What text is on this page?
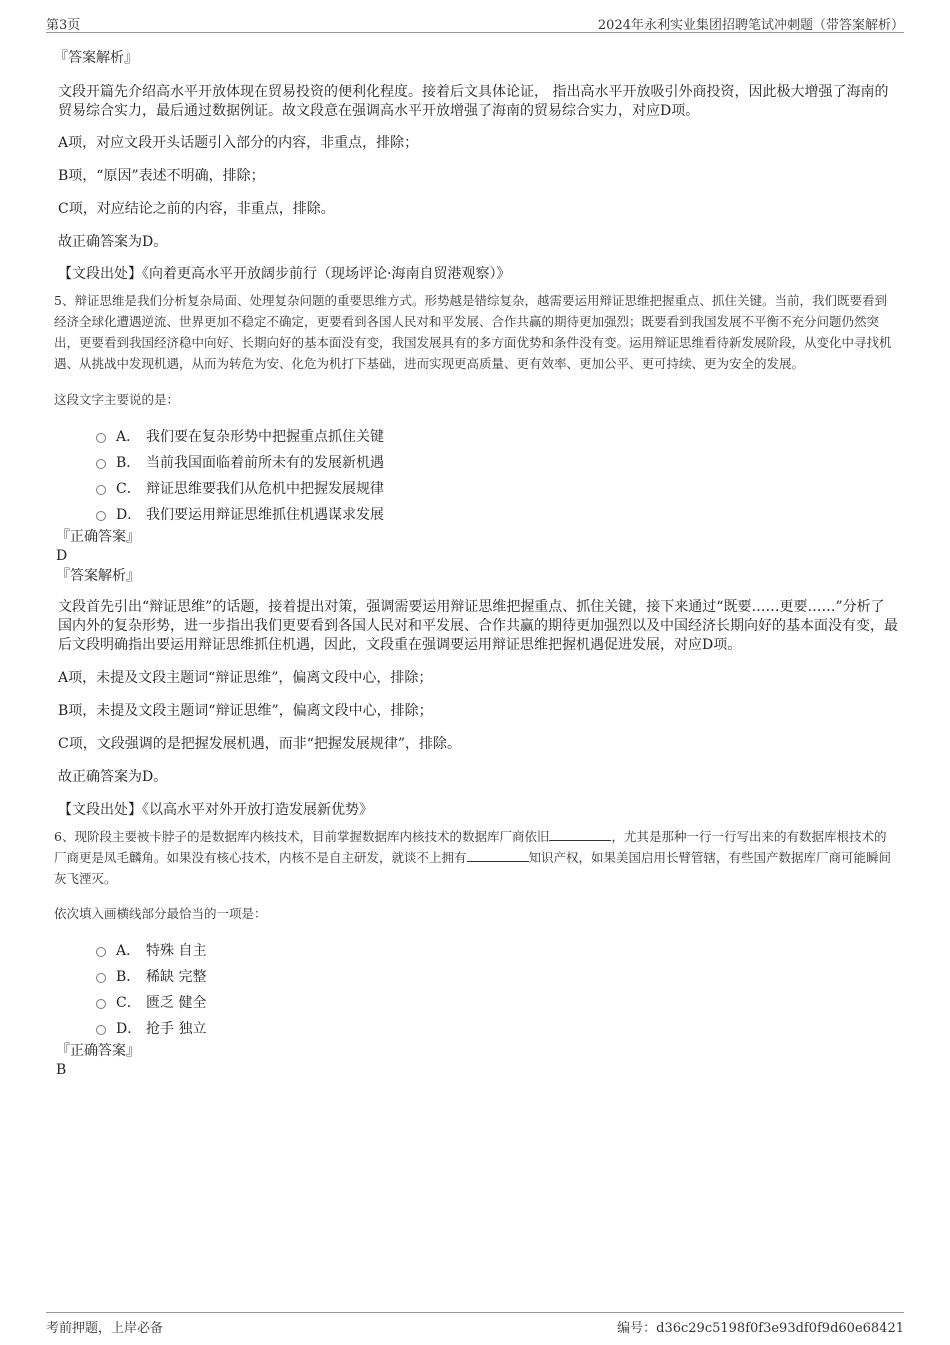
第3页	2024年永利实业集团招聘笔试冲刺题（带答案解析）

『答案解析』

文段开篇先介绍高水平开放体现在贸易投资的便利化程度。接着后文具体论证， 指出高水平开放吸引外商投资，因此极大增强了海南的贸易综合实力，最后通过数据例证。故文段意在强调高水平开放增强了海南的贸易综合实力，对应D项。

A项，对应文段开头话题引入部分的内容，非重点，排除；

B项，“原因”表述不明确，排除；

C项，对应结论之前的内容，非重点，排除。

故正确答案为D。

【文段出处】《向着更高水平开放阔步前行（现场评论·海南自贸港观察）》

5、辩证思维是我们分析复杂局面、处理复杂问题的重要思维方式。形势越是错综复杂，越需要运用辩证思维把握重点、抓住关键。当前，我们既要看到经济全球化遭遇逆流、世界更加不稳定不确定，更要看到各国人民对和平发展、合作共赢的期待更加强烈；既要看到我国发展不平衡不充分问题仍然突出，更要看到我国经济稳中向好、长期向好的基本面没有变，我国发展具有的多方面优势和条件没有变。运用辩证思维看待新发展阶段，从变化中寻找机遇、从挑战中发现机遇，从而为转危为安、化危为机打下基础，进而实现更高质量、更有效率、更加公平、更可持续、更为安全的发展。

这段文字主要说的是：

A． 我们要在复杂形势中把握重点抓住关键
B． 当前我国面临着前所未有的发展新机遇
C． 辩证思维要我们从危机中把握发展规律
D． 我们要运用辩证思维抓住机遇谋求发展

『正确答案』

D

『答案解析』

文段首先引出“辩证思维”的话题，接着提出对策，强调需要运用辩证思维把握重点、抓住关键，接下来通过“既要……更要……”分析了国内外的复杂形势，进一步指出我们更要看到各国人民对和平发展、合作共赢的期待更加强烈以及中国经济长期向好的基本面没有变，最后文段明确指出要运用辩证思维抓住机遇，因此，文段重在强调要运用辩证思维把握机遇促进发展，对应D项。

A项，未提及文段主题词“辩证思维”，偏离文段中心，排除；

B项，未提及文段主题词“辩证思维”，偏离文段中心，排除；

C项，文段强调的是把握发展机遇，而非“把握发展规律”，排除。

故正确答案为D。

【文段出处】《以高水平对外开放打造发展新优势》

6、现阶段主要被卡脖子的是数据库内核技术，目前掌握数据库内核技术的数据库厂商依旧	，尤其是那种一行一行写出来的有数据库根技术的厂商更是凤毛麟角。如果没有核心技术，内核不是自主研发，就谈不上拥有	知识产权，如果美国启用长臂管辖，有些国产数据库厂商可能瞬间灰飞湮灭。

依次填入画横线部分最恰当的一项是：

A． 特殊 自主
B． 稀缺 完整
C． 匮乏 健全
D． 抢手 独立

『正确答案』

B

考前押题，上岸必备	编号：d36c29c5198f0f3e93df0f9d60e68421
